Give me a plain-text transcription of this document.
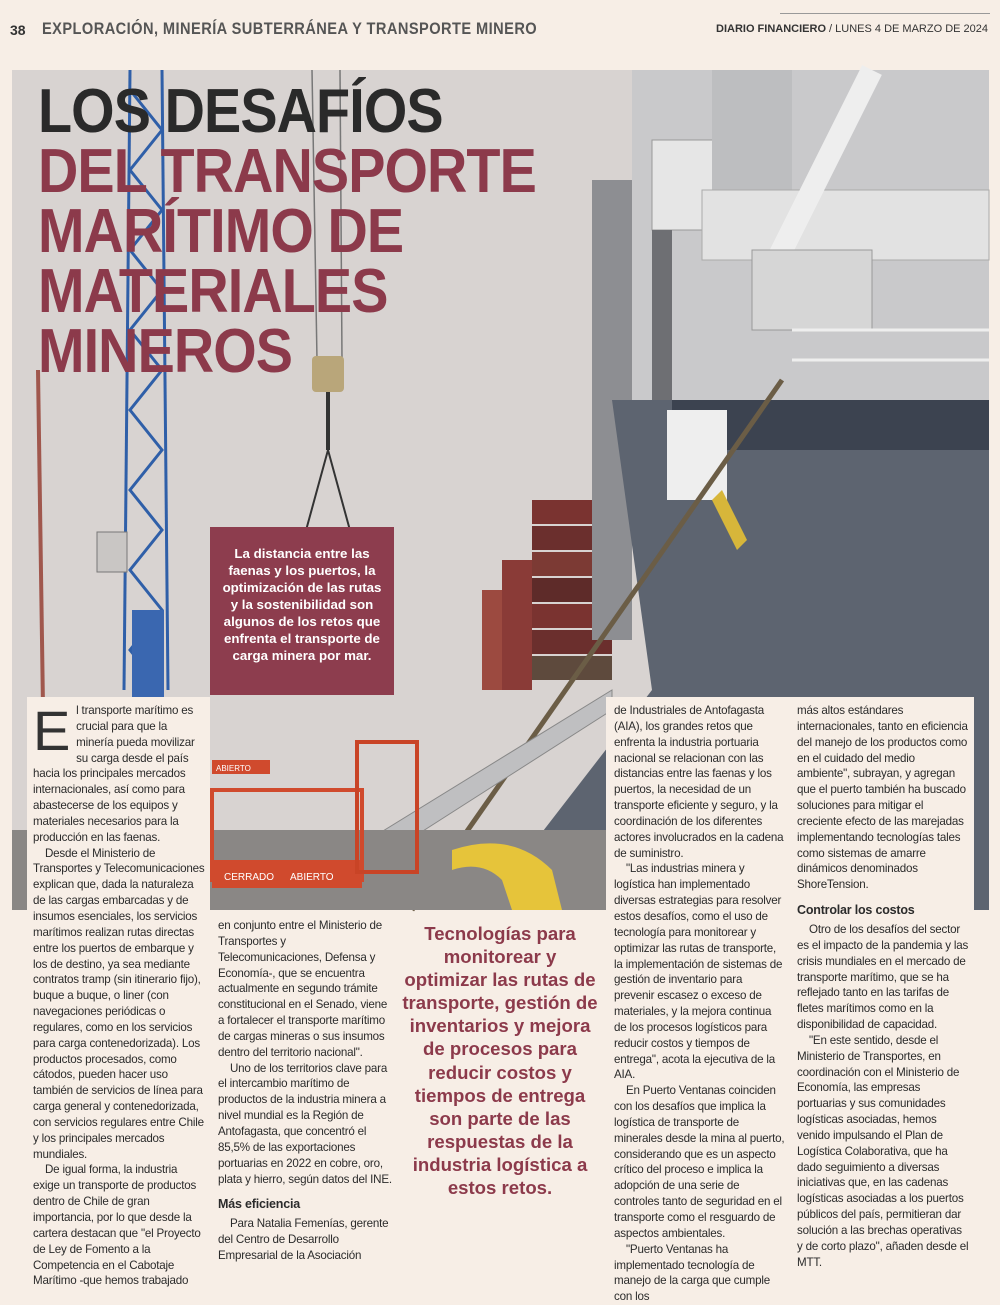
38 EXPLORACIÓN, MINERÍA SUBTERRÁNEA Y TRANSPORTE MINERO	DIARIO FINANCIERO / LUNES 4 DE MARZO DE 2024
CERRADO ABIERTO
ABIERTO
LOS DESAFÍOS
DEL TRANSPORTE
MARÍTIMO DE
MATERIALES
MINEROS
La distancia entre las faenas y los puertos, la optimización de las rutas y la sostenibilidad son algunos de los retos que enfrenta el transporte de carga minera por mar.
E l transporte marítimo es crucial para que la minería pueda movilizar su carga desde el país hacia los principales mercados internacionales, así como para abastecerse de los equipos y materiales necesarios para la producción en las faenas.

Desde el Ministerio de Transportes y Telecomunicaciones explican que, dada la naturaleza de las cargas embarcadas y de insumos esenciales, los servicios marítimos realizan rutas directas entre los puertos de embarque y los de destino, ya sea mediante contratos tramp (sin itinerario fijo), buque a buque, o liner (con navegaciones periódicas o regulares, como en los servicios para carga contenedorizada). Los productos procesados, como cátodos, pueden hacer uso también de servicios de línea para carga general y contenedorizada, con servicios regulares entre Chile y los principales mercados mundiales.

De igual forma, la industria exige un transporte de productos dentro de Chile de gran importancia, por lo que desde la cartera destacan que "el Proyecto de Ley de Fomento a la Competencia en el Cabotaje Marítimo -que hemos trabajado

en conjunto entre el Ministerio de Transportes y Telecomunicaciones, Defensa y Economía-, que se encuentra actualmente en segundo trámite constitucional en el Senado, viene a fortalecer el transporte marítimo de cargas mineras o sus insumos dentro del territorio nacional".

Uno de los territorios clave para el intercambio marítimo de productos de la industria minera a nivel mundial es la Región de Antofagasta, que concentró el 85,5% de las exportaciones portuarias en 2022 en cobre, oro, plata y hierro, según datos del INE.

Más eficiencia

Para Natalia Femenías, gerente del Centro de Desarrollo Empresarial de la Asociación

Tecnologías para monitorear y optimizar las rutas de transporte, gestión de inventarios y mejora de procesos para reducir costos y tiempos de entrega son parte de las respuestas de la industria logística a estos retos.

de Industriales de Antofagasta (AIA), los grandes retos que enfrenta la industria portuaria nacional se relacionan con las distancias entre las faenas y los puertos, la necesidad de un transporte eficiente y seguro, y la coordinación de los diferentes actores involucrados en la cadena de suministro.

"Las industrias minera y logística han implementado diversas estrategias para resolver estos desafíos, como el uso de tecnología para monitorear y optimizar las rutas de transporte, la implementación de sistemas de gestión de inventario para prevenir escasez o exceso de materiales, y la mejora continua de los procesos logísticos para reducir costos y tiempos de entrega", acota la ejecutiva de la AIA.

En Puerto Ventanas coinciden con los desafíos que implica la logística de transporte de minerales desde la mina al puerto, considerando que es un aspecto crítico del proceso e implica la adopción de una serie de controles tanto de seguridad en el transporte como el resguardo de aspectos ambientales.

"Puerto Ventanas ha implementado tecnología de manejo de la carga que cumple con los

más altos estándares internacionales, tanto en eficiencia del manejo de los productos como en el cuidado del medio ambiente", subrayan, y agregan que el puerto también ha buscado soluciones para mitigar el creciente efecto de las marejadas implementando tecnologías tales como sistemas de amarre dinámicos denominados ShoreTension.

Controlar los costos

Otro de los desafíos del sector es el impacto de la pandemia y las crisis mundiales en el mercado de transporte marítimo, que se ha reflejado tanto en las tarifas de fletes marítimos como en la disponibilidad de capacidad.

"En este sentido, desde el Ministerio de Transportes, en coordinación con el Ministerio de Economía, las empresas portuarias y sus comunidades logísticas asociadas, hemos venido impulsando el Plan de Logística Colaborativa, que ha dado seguimiento a diversas iniciativas que, en las cadenas logísticas asociadas a los puertos públicos del país, permitieran dar solución a las brechas operativas y de corto plazo", añaden desde el MTT.
